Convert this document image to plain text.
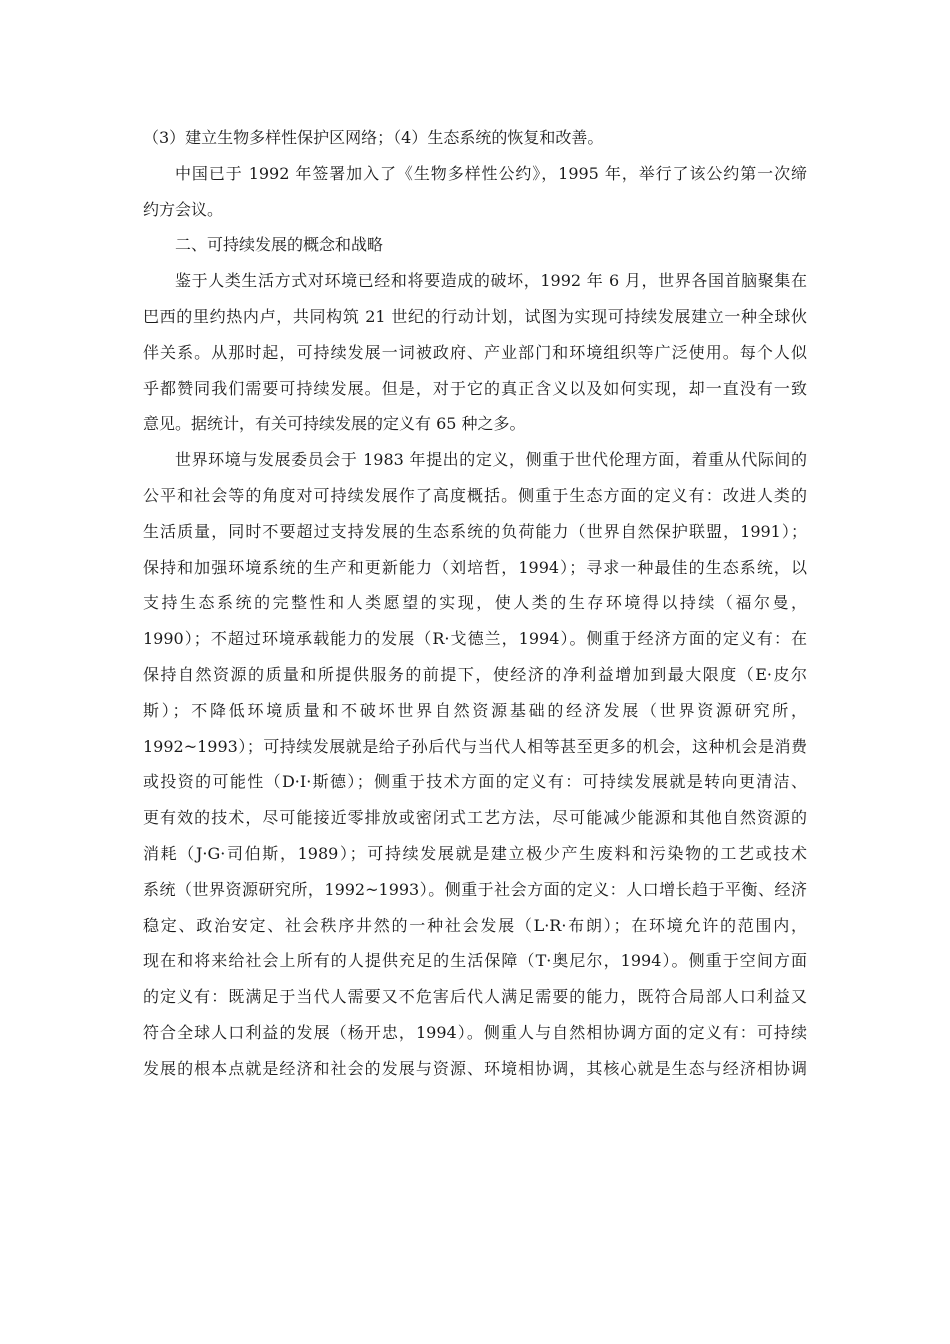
（3）建立生物多样性保护区网络；（4）生态系统的恢复和改善。
中国已于 1992 年签署加入了《生物多样性公约》，1995 年，举行了该公约第一次缔
约方会议。
二、可持续发展的概念和战略
鉴于人类生活方式对环境已经和将要造成的破坏，1992 年 6 月，世界各国首脑聚集在
巴西的里约热内卢，共同构筑 21 世纪的行动计划，试图为实现可持续发展建立一种全球伙
伴关系。从那时起，可持续发展一词被政府、产业部门和环境组织等广泛使用。每个人似
乎都赞同我们需要可持续发展。但是，对于它的真正含义以及如何实现，却一直没有一致
意见。据统计，有关可持续发展的定义有 65 种之多。
世界环境与发展委员会于 1983 年提出的定义，侧重于世代伦理方面，着重从代际间的
公平和社会等的角度对可持续发展作了高度概括。侧重于生态方面的定义有：改进人类的
生活质量，同时不要超过支持发展的生态系统的负荷能力（世界自然保护联盟，1991）；
保持和加强环境系统的生产和更新能力（刘培哲，1994）；寻求一种最佳的生态系统，以
支持生态系统的完整性和人类愿望的实现，使人类的生存环境得以持续（福尔曼，
1990）；不超过环境承载能力的发展（R·戈德兰，1994）。侧重于经济方面的定义有：在
保持自然资源的质量和所提供服务的前提下，使经济的净利益增加到最大限度（E·皮尔
斯）；不降低环境质量和不破坏世界自然资源基础的经济发展（世界资源研究所，
1992~1993）；可持续发展就是给子孙后代与当代人相等甚至更多的机会，这种机会是消费
或投资的可能性（D·I·斯德）；侧重于技术方面的定义有：可持续发展就是转向更清洁、
更有效的技术，尽可能接近零排放或密闭式工艺方法，尽可能减少能源和其他自然资源的
消耗（J·G·司伯斯，1989）；可持续发展就是建立极少产生废料和污染物的工艺或技术
系统（世界资源研究所，1992~1993）。侧重于社会方面的定义：人口增长趋于平衡、经济
稳定、政治安定、社会秩序井然的一种社会发展（L·R·布朗）；在环境允许的范围内，
现在和将来给社会上所有的人提供充足的生活保障（T·奥尼尔，1994）。侧重于空间方面
的定义有：既满足于当代人需要又不危害后代人满足需要的能力，既符合局部人口利益又
符合全球人口利益的发展（杨开忠，1994）。侧重人与自然相协调方面的定义有：可持续
发展的根本点就是经济和社会的发展与资源、环境相协调，其核心就是生态与经济相协调
